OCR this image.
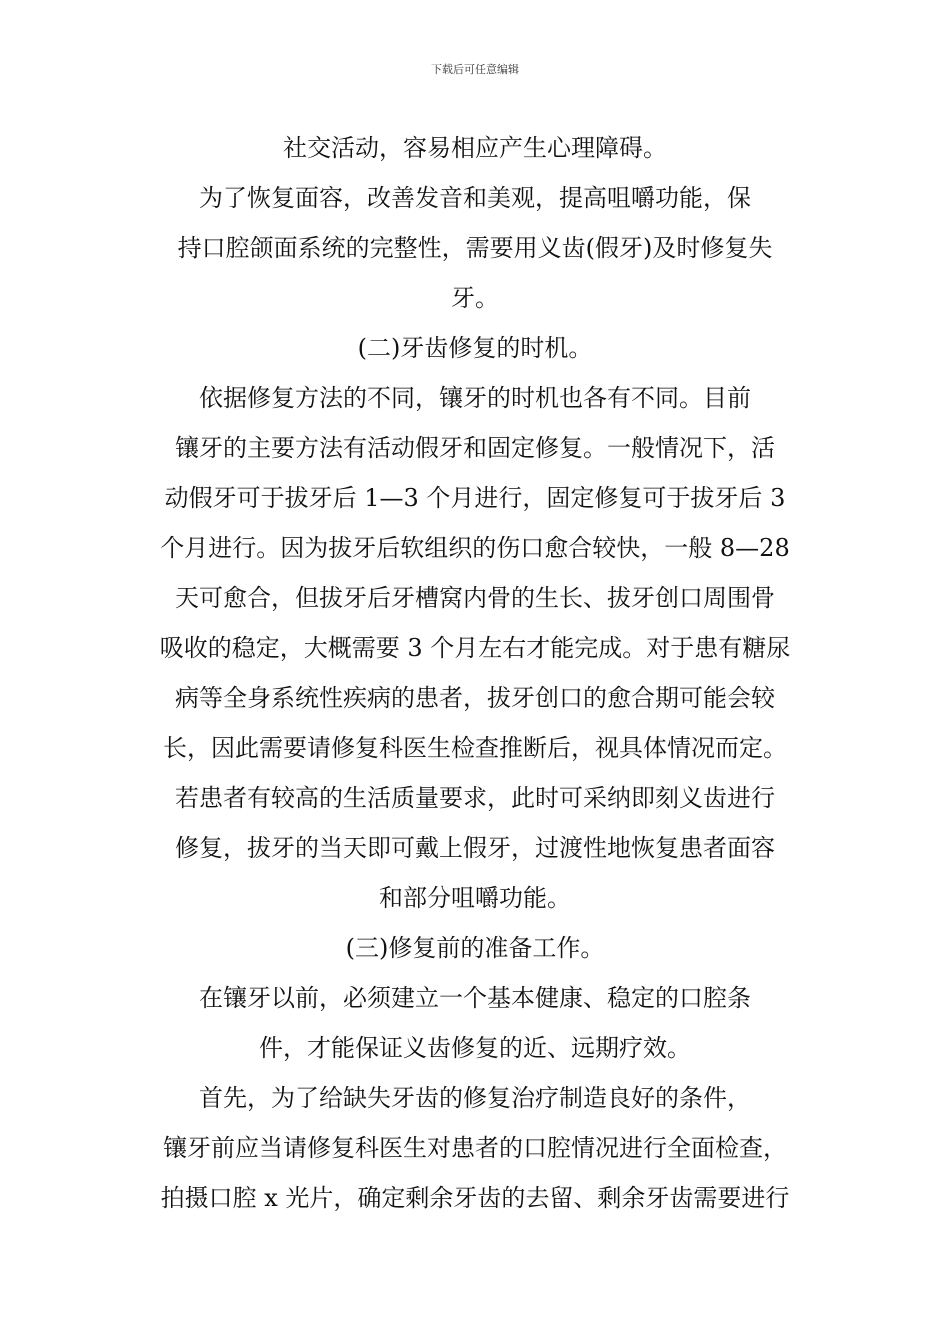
下载后可任意编辑
社交活动，容易相应产生心理障碍。
为了恢复面容，改善发音和美观，提高咀嚼功能，保
持口腔颌面系统的完整性，需要用义齿(假牙)及时修复失
牙。
(二)牙齿修复的时机。
依据修复方法的不同，镶牙的时机也各有不同。目前
镶牙的主要方法有活动假牙和固定修复。一般情况下，活
动假牙可于拔牙后 1—3 个月进行，固定修复可于拔牙后 3
个月进行。因为拔牙后软组织的伤口愈合较快，一般 8—28
天可愈合，但拔牙后牙槽窝内骨的生长、拔牙创口周围骨
吸收的稳定，大概需要 3 个月左右才能完成。对于患有糖尿
病等全身系统性疾病的患者，拔牙创口的愈合期可能会较
长，因此需要请修复科医生检查推断后，视具体情况而定。
若患者有较高的生活质量要求，此时可采纳即刻义齿进行
修复，拔牙的当天即可戴上假牙，过渡性地恢复患者面容
和部分咀嚼功能。
(三)修复前的准备工作。
在镶牙以前，必须建立一个基本健康、稳定的口腔条
件，才能保证义齿修复的近、远期疗效。
首先，为了给缺失牙齿的修复治疗制造良好的条件，
镶牙前应当请修复科医生对患者的口腔情况进行全面检查，
拍摄口腔 x 光片，确定剩余牙齿的去留、剩余牙齿需要进行
